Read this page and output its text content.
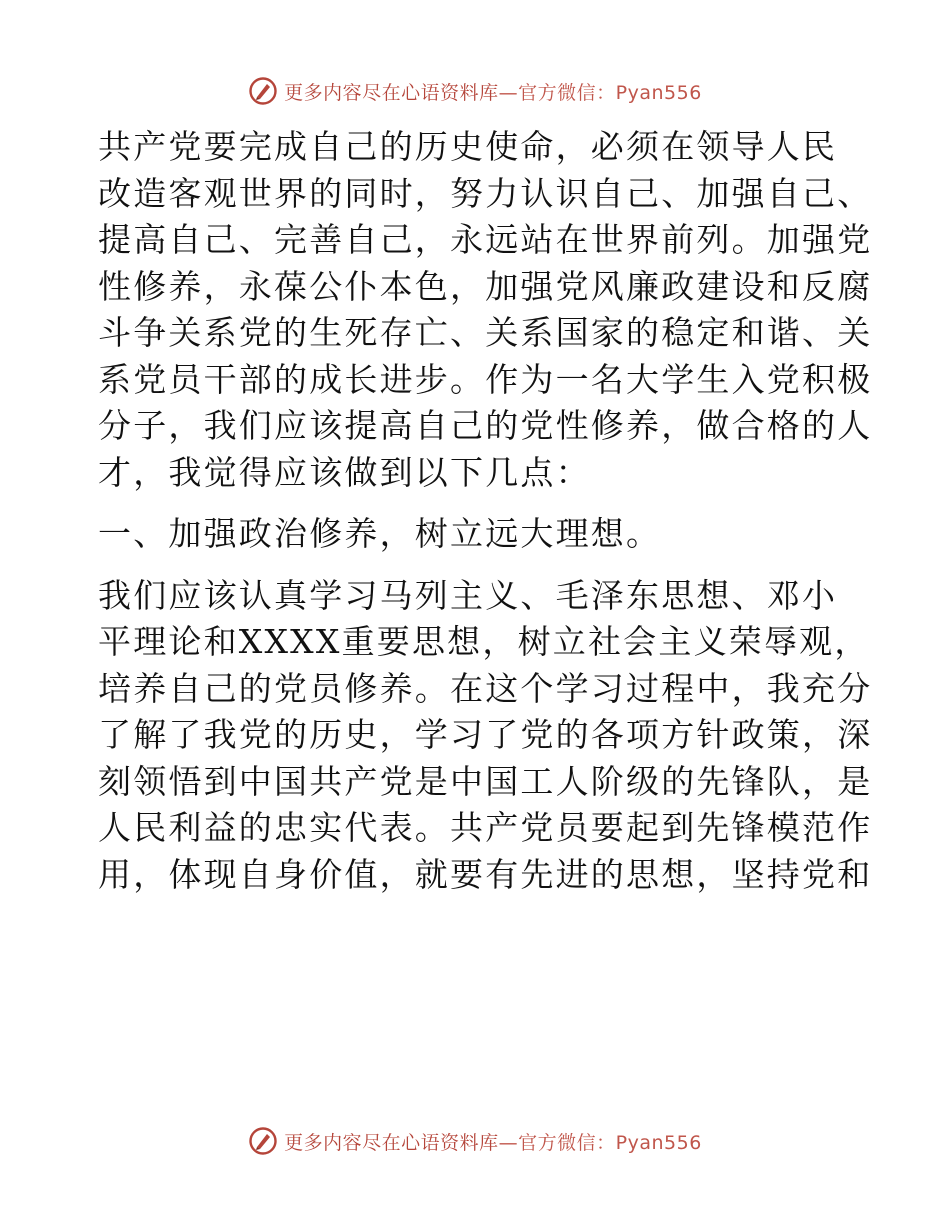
更多内容尽在心语资料库 —官方微信：Pyan556
共产党要完成自己的历史使命，必须在领导人民
改造客观世界的同时，努力认识自己、加强自己、
提高自己、完善自己，永远站在世界前列。加强党
性修养，永葆公仆本色，加强党风廉政建设和反腐
斗争关系党的生死存亡、关系国家的稳定和谐、关
系党员干部的成长进步。作为一名大学生入党积极
分子，我们应该提高自己的党性修养，做合格的人
才，我觉得应该做到以下几点：
一、加强政治修养，树立远大理想。
我们应该认真学习马列主义、毛泽东思想、邓小
平理论和XXXX重要思想，树立社会主义荣辱观，
培养自己的党员修养。在这个学习过程中，我充分
了解了我党的历史，学习了党的各项方针政策，深
刻领悟到中国共产党是中国工人阶级的先锋队，是
人民利益的忠实代表。共产党员要起到先锋模范作
用，体现自身价值，就要有先进的思想，坚持党和
更多内容尽在心语资料库 —官方微信：Pyan556
